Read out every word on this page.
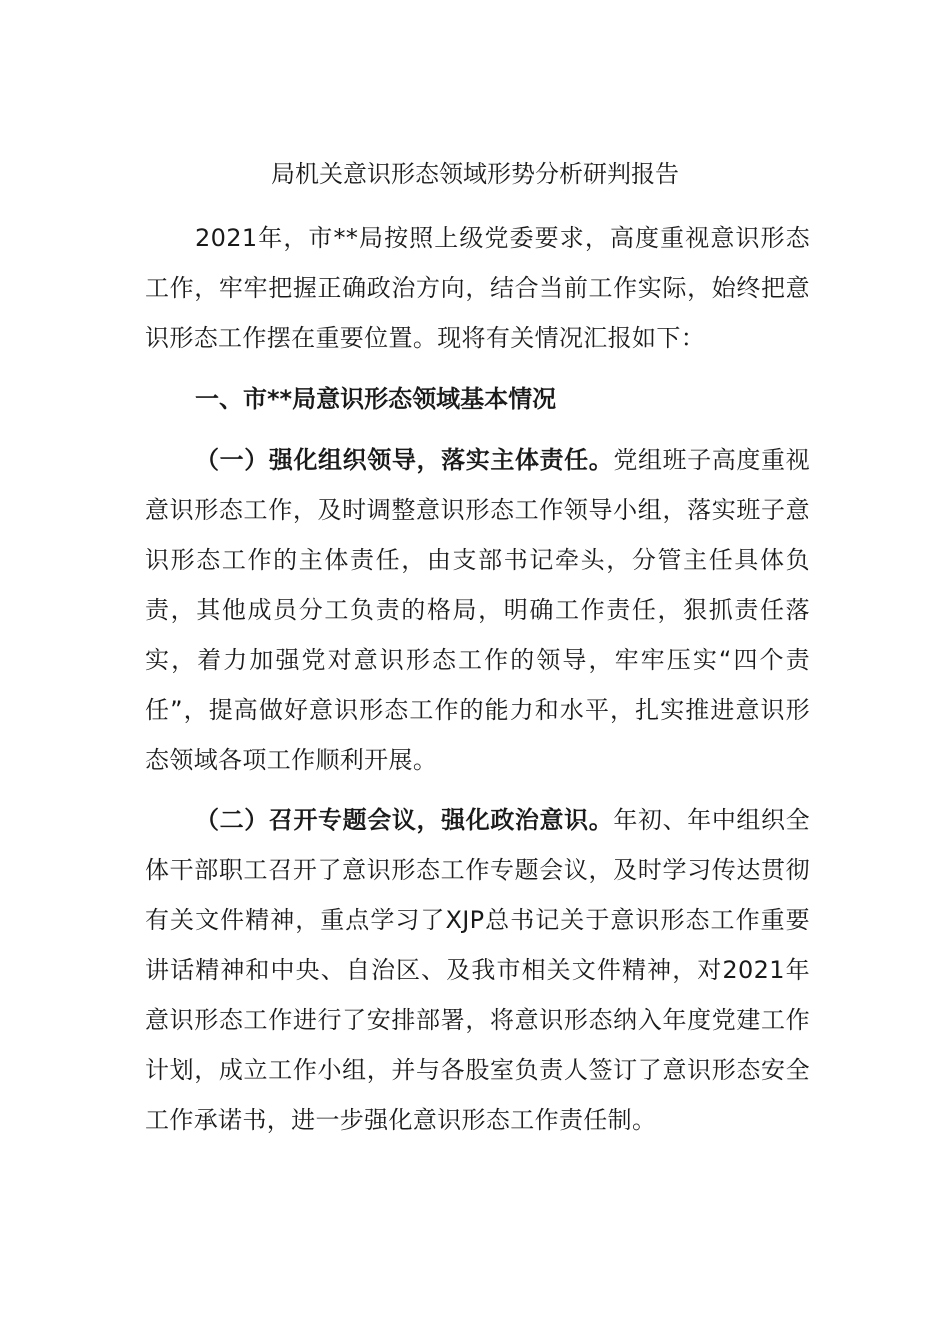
局机关意识形态领域形势分析研判报告

2021年，市**局按照上级党委要求，高度重视意识形态工作，牢牢把握正确政治方向，结合当前工作实际，始终把意识形态工作摆在重要位置。现将有关情况汇报如下：

一、市**局意识形态领域基本情况

（一）强化组织领导，落实主体责任。党组班子高度重视意识形态工作，及时调整意识形态工作领导小组，落实班子意识形态工作的主体责任，由支部书记牵头，分管主任具体负责，其他成员分工负责的格局，明确工作责任，狠抓责任落实，着力加强党对意识形态工作的领导，牢牢压实“四个责任”，提高做好意识形态工作的能力和水平，扎实推进意识形态领域各项工作顺利开展。

（二）召开专题会议，强化政治意识。年初、年中组织全体干部职工召开了意识形态工作专题会议，及时学习传达贯彻有关文件精神，重点学习了XJP总书记关于意识形态工作重要讲话精神和中央、自治区、及我市相关文件精神，对2021年意识形态工作进行了安排部署，将意识形态纳入年度党建工作计划，成立工作小组，并与各股室负责人签订了意识形态安全工作承诺书，进一步强化意识形态工作责任制。
